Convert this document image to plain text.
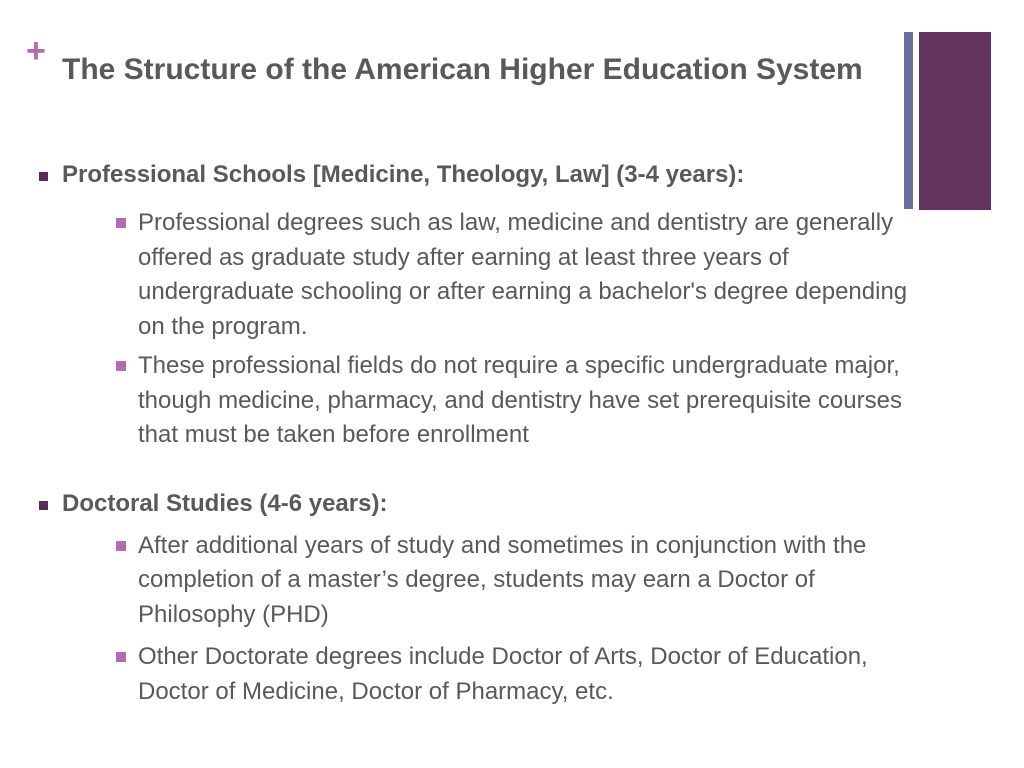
+ The Structure of the American Higher Education System
Professional Schools [Medicine, Theology, Law] (3-4 years):
Professional degrees such as law, medicine and dentistry are generally offered as graduate study after earning at least three years of undergraduate schooling or after earning a bachelor's degree depending on the program.
These professional fields do not require a specific undergraduate major, though medicine, pharmacy, and dentistry have set prerequisite courses that must be taken before enrollment
Doctoral Studies (4-6 years):
After additional years of study and sometimes in conjunction with the completion of a master’s degree, students may earn a Doctor of Philosophy (PHD)
Other Doctorate degrees include Doctor of Arts, Doctor of Education, Doctor of Medicine, Doctor of Pharmacy, etc.
